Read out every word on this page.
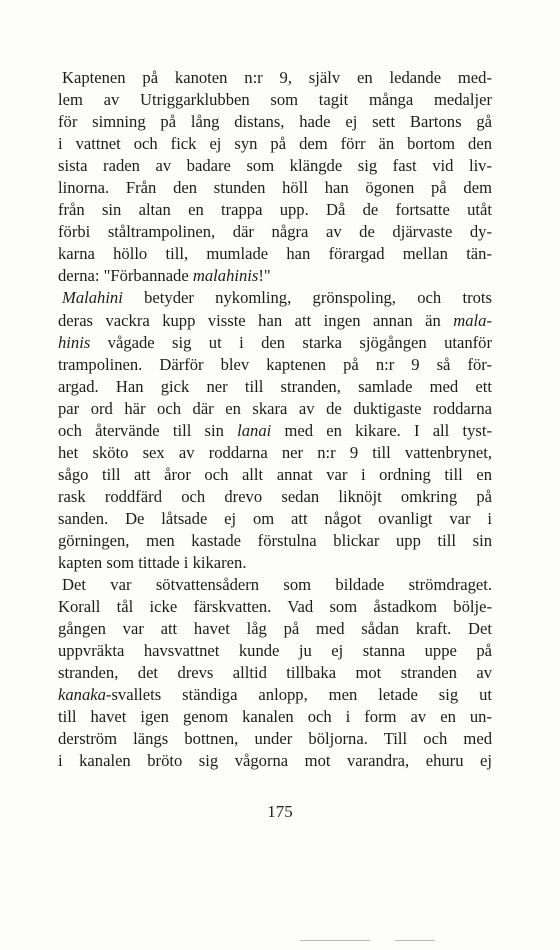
Kaptenen på kanoten n:r 9, själv en ledande med-
lem av Utriggarklubben som tagit många medaljer
för simning på lång distans, hade ej sett Bartons gå
i vattnet och fick ej syn på dem förr än bortom den
sista raden av badare som klängde sig fast vid liv-
linorna. Från den stunden höll han ögonen på dem
från sin altan en trappa upp. Då de fortsatte utåt
förbi ståltrampolinen, där några av de djärvaste dy-
karna höllo till, mumlade han förargad mellan tän-
derna: "Förbannade malahinis!"
Malahini betyder nykomling, grönspoling, och trots
deras vackra kupp visste han att ingen annan än mala-
hinis vågade sig ut i den starka sjögången utanför
trampolinen. Därför blev kaptenen på n:r 9 så för-
argad. Han gick ner till stranden, samlade med ett
par ord här och där en skara av de duktigaste roddarna
och återvände till sin lanai med en kikare. I all tyst-
het sköto sex av roddarna ner n:r 9 till vattenbrynet,
sågo till att åror och allt annat var i ordning till en
rask roddfärd och drevo sedan liknöjt omkring på
sanden. De låtsade ej om att något ovanligt var i
görningen, men kastade förstulna blickar upp till sin
kapten som tittade i kikaren.
Det var sötvattensådern som bildade strömdraget.
Korall tål icke färskvatten. Vad som åstadkom bölje-
gången var att havet låg på med sådan kraft. Det
uppvräkta havsvattnet kunde ju ej stanna uppe på
stranden, det drevs alltid tillbaka mot stranden av
kanaka-svallets ständiga anlopp, men letade sig ut
till havet igen genom kanalen och i form av en un-
derström längs bottnen, under böljorna. Till och med
i kanalen bröto sig vågorna mot varandra, ehuru ej
175
